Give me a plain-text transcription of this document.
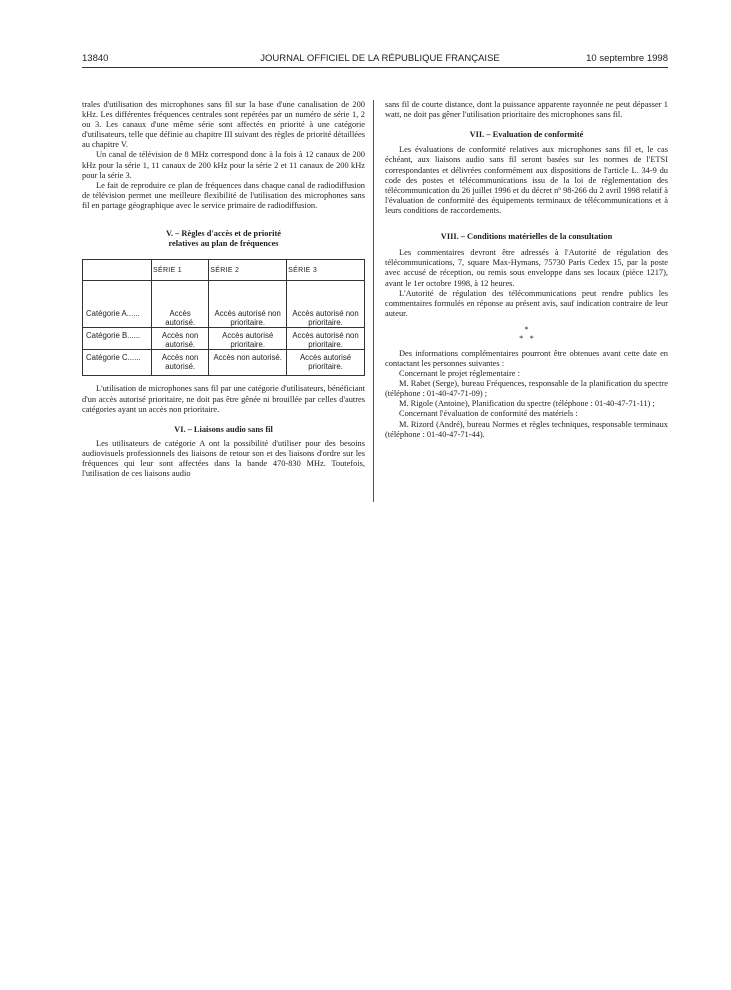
13840	JOURNAL OFFICIEL DE LA RÉPUBLIQUE FRANÇAISE	10 septembre 1998

trales d'utilisation des microphones sans fil sur la base d'une canalisation de 200 kHz. Les différentes fréquences centrales sont repérées par un numéro de série 1, 2 ou 3. Les canaux d'une même série sont affectés en priorité à une catégorie d'utilisateurs, telle que définie au chapitre III suivant des règles de priorité détaillées au chapitre V.

Un canal de télévision de 8 MHz correspond donc à la fois à 12 canaux de 200 kHz pour la série 1, 11 canaux de 200 kHz pour la série 2 et 11 canaux de 200 kHz pour la série 3.

Le fait de reproduire ce plan de fréquences dans chaque canal de radiodiffusion de télévision permet une meilleure flexibilité de l'utilisation des microphones sans fil en partage géographique avec le service primaire de radiodiffusion.

V. – Règles d'accès et de priorité

relatives au plan de fréquences

	SÉRIE 1	SÉRIE 2	SÉRIE 3
Catégorie A......	Accès autorisé.	Accès autorisé non prioritaire.	Accès autorisé non prioritaire.
Catégorie B......	Accès non autorisé.	Accès autorisé prioritaire.	Accès autorisé non prioritaire.
Catégorie C......	Accès non autorisé.	Accès non autorisé.	Accès autorisé prioritaire.

L'utilisation de microphones sans fil par une catégorie d'utilisateurs, bénéficiant d'un accès autorisé prioritaire, ne doit pas être gênée ni brouillée par celles d'autres catégories ayant un accès non prioritaire.

VI. – Liaisons audio sans fil

Les utilisateurs de catégorie A ont la possibilité d'utiliser pour des besoins audiovisuels professionnels des liaisons de retour son et des liaisons d'ordre sur les fréquences qui leur sont affectées dans la bande 470-830 MHz. Toutefois, l'utilisation de ces liaisons audio

sans fil de courte distance, dont la puissance apparente rayonnée ne peut dépasser 1 watt, ne doit pas gêner l'utilisation prioritaire des microphones sans fil.

VII. – Evaluation de conformité

Les évaluations de conformité relatives aux microphones sans fil et, le cas échéant, aux liaisons audio sans fil seront basées sur les normes de l'ETSI correspondantes et délivrées conformément aux dispositions de l'article L. 34-9 du code des postes et télécommunications issu de la loi de réglementation des télécommunication du 26 juillet 1996 et du décret nº 98-266 du 2 avril 1998 relatif à l'évaluation de conformité des équipements terminaux de télécommunications et à leurs conditions de raccordements.

VIII. – Conditions matérielles de la consultation

Les commentaires devront être adressés à l'Autorité de régulation des télécommunications, 7, square Max-Hymans, 75730 Paris Cedex 15, par la poste avec accusé de réception, ou remis sous enveloppe dans ses locaux (pièce 1217), avant le 1er octobre 1998, à 12 heures.

L'Autorité de régulation des télécommunications peut rendre publics les commentaires formulés en réponse au présent avis, sauf indication contraire de leur auteur.

*

*   *

Des informations complémentaires pourront être obtenues avant cette date en contactant les personnes suivantes :

Concernant le projet réglementaire :

M. Rabet (Serge), bureau Fréquences, responsable de la planification du spectre (téléphone : 01-40-47-71-09) ;

M. Rigole (Antoine), Planification du spectre (téléphone : 01-40-47-71-11) ;

Concernant l'évaluation de conformité des matériels :

M. Rizord (André), bureau Normes et règles techniques, responsable terminaux (téléphone : 01-40-47-71-44).
